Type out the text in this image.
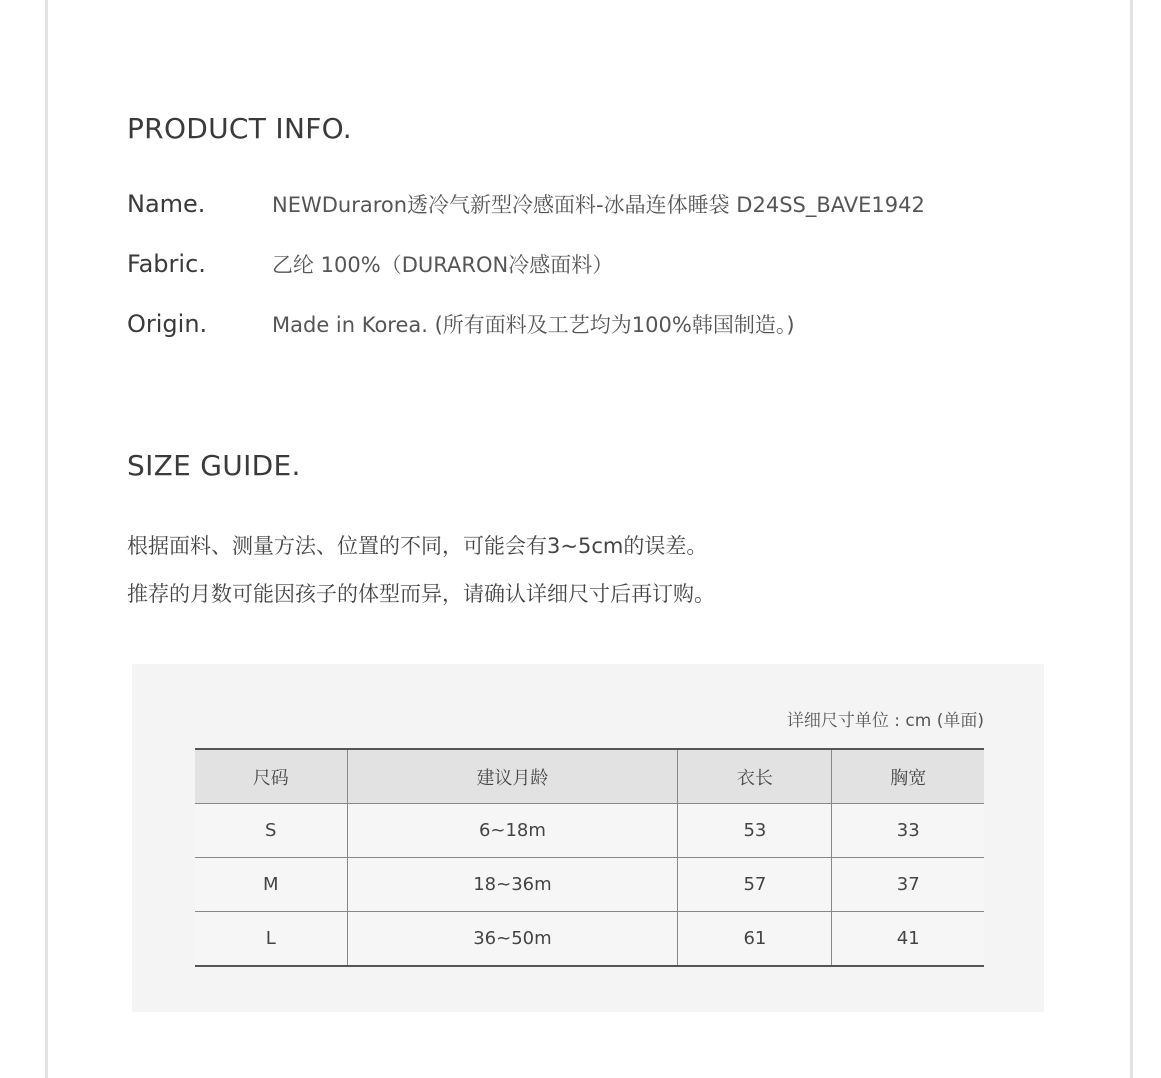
PRODUCT INFO.
Name.	NEWDuraron透冷气新型冷感面料-冰晶连体睡袋 D24SS_BAVE1942
Fabric.	乙纶 100%（DURARON冷感面料）
Origin.	Made in Korea. (所有面料及工艺均为100%韩国制造。)
SIZE GUIDE.
根据面料、测量方法、位置的不同，可能会有3~5cm的误差。
推荐的月数可能因孩子的体型而异，请确认详细尺寸后再订购。
详细尺寸单位 : cm (单面)
尺码	建议月龄	衣长	胸宽
S	6~18m	53	33
M	18~36m	57	37
L	36~50m	61	41
